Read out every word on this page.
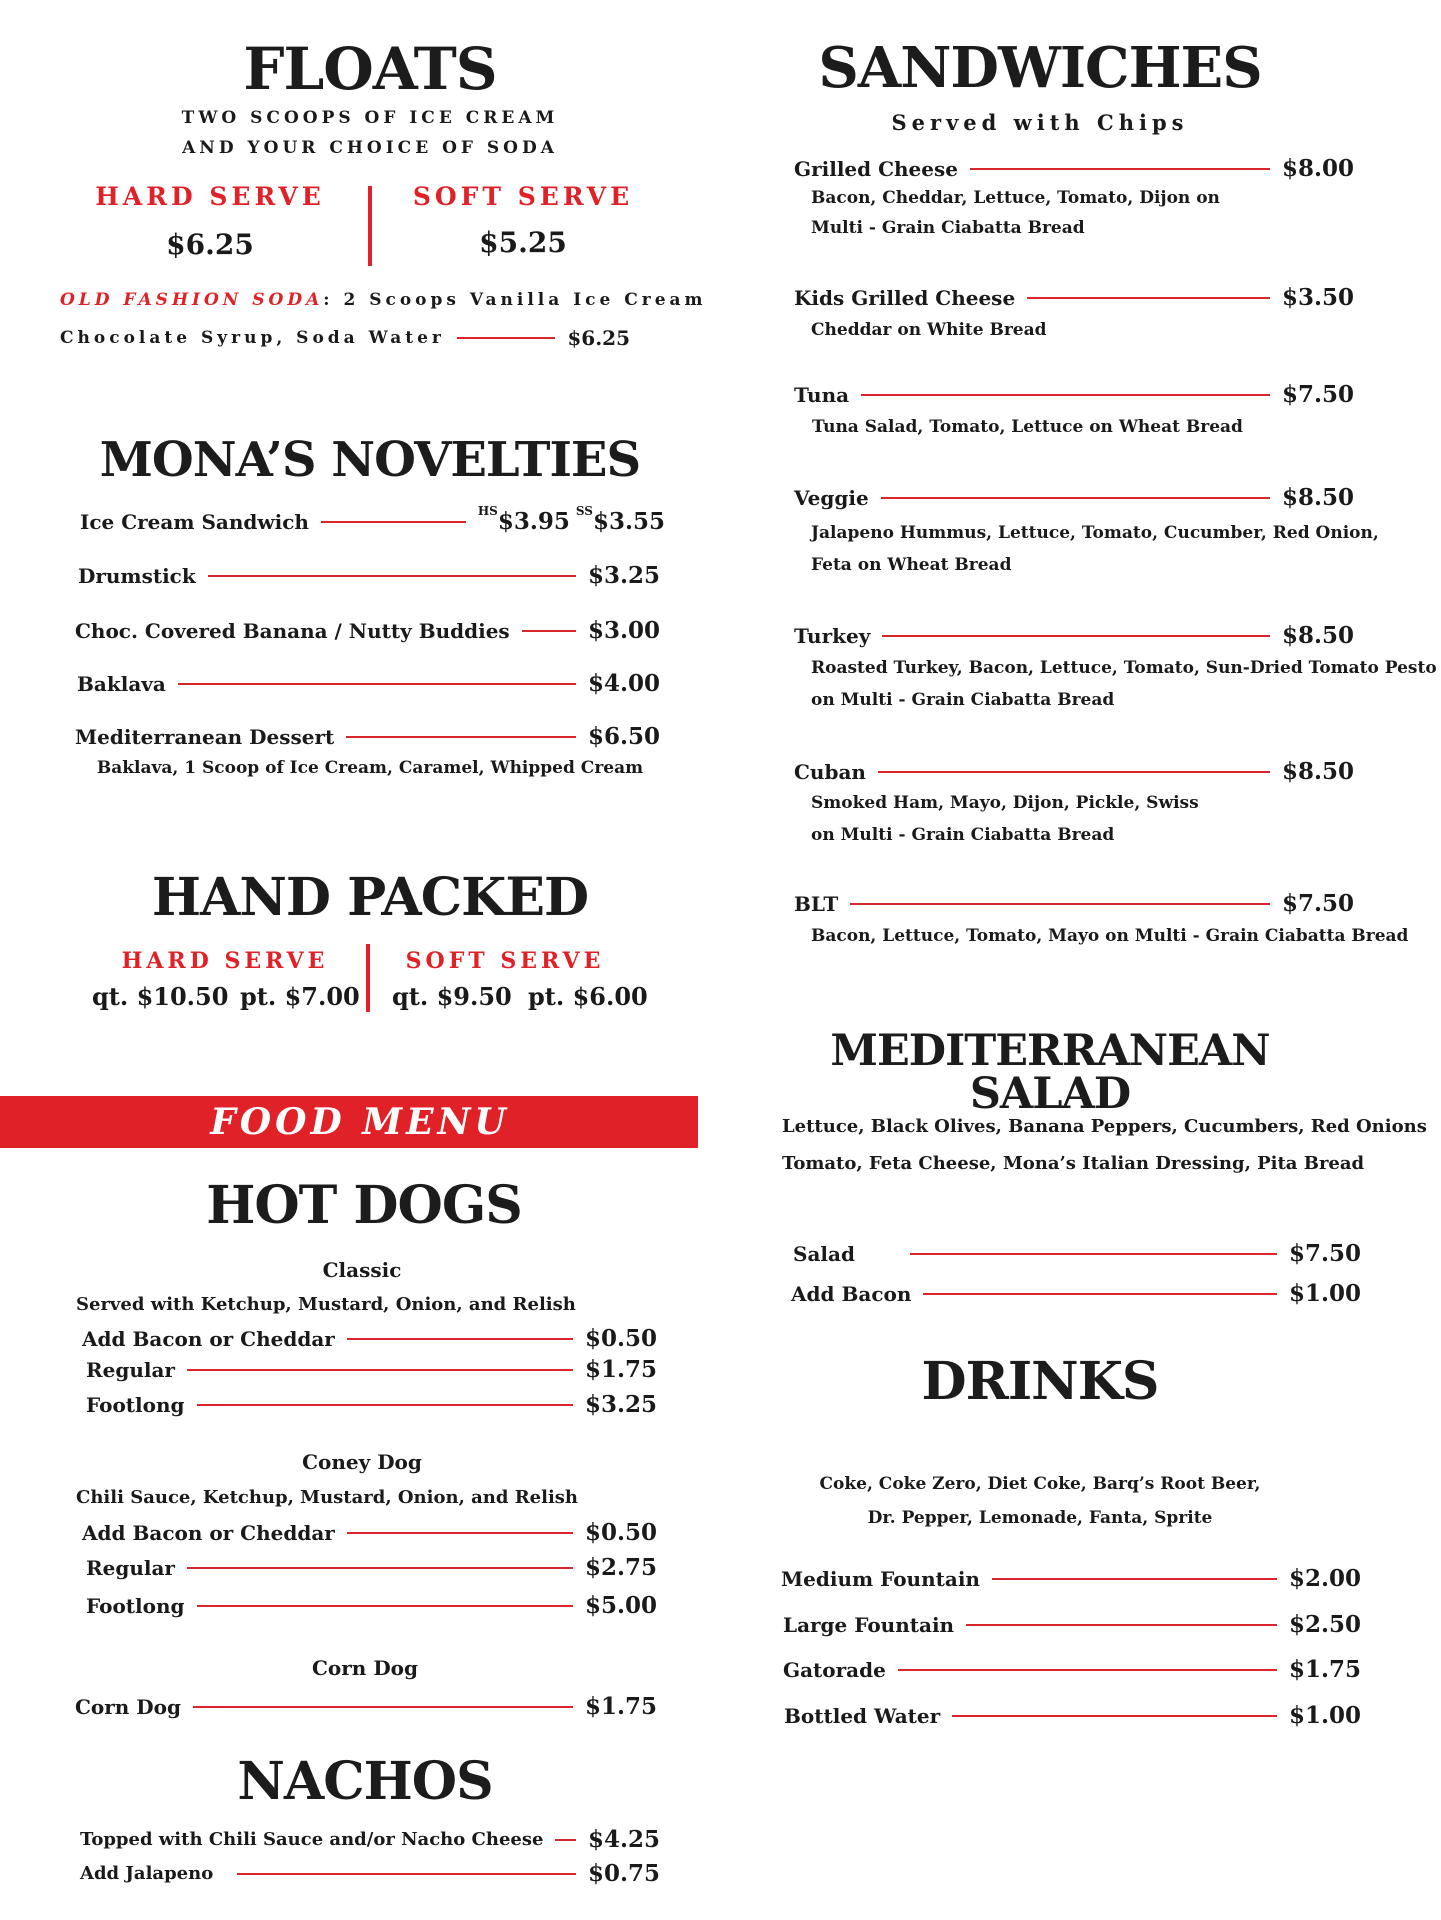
FLOATS
TWO SCOOPS OF ICE CREAM
AND YOUR CHOICE OF SODA
HARD SERVE
$6.25
SOFT SERVE
$5.25
OLD FASHION SODA: 2 Scoops Vanilla Ice Cream
Chocolate Syrup, Soda Water	$6.25
MONA’S NOVELTIES
Ice Cream Sandwich	$^{HS}$\$3.95 $^{SS}$\$3.55
Drumstick	$3.25
Choc. Covered Banana / Nutty Buddies	$3.00
Baklava	$4.00
Mediterranean Dessert	$6.50
Baklava, 1 Scoop of Ice Cream, Caramel, Whipped Cream
HAND PACKED
HARD SERVE	SOFT SERVE
qt. $10.50 pt. $7.00 qt. $9.50 pt. $6.00
FOOD MENU
HOT DOGS
Classic
Served with Ketchup, Mustard, Onion, and Relish
Add Bacon or Cheddar	$0.50
Regular	$1.75
Footlong	$3.25
Coney Dog
Chili Sauce, Ketchup, Mustard, Onion, and Relish
Add Bacon or Cheddar	$0.50
Regular	$2.75
Footlong	$5.00
Corn Dog
Corn Dog	$1.75
NACHOS
Topped with Chili Sauce and/or Nacho Cheese $4.25
Add Jalapeno	$0.75
SANDWICHES
Served with Chips
Grilled Cheese	$8.00
Bacon, Cheddar, Lettuce, Tomato, Dijon on
Multi - Grain Ciabatta Bread
Kids Grilled Cheese	$3.50
Cheddar on White Bread
Tuna	$7.50
Tuna Salad, Tomato, Lettuce on Wheat Bread
Veggie	$8.50
Jalapeno Hummus, Lettuce, Tomato, Cucumber, Red Onion,
Feta on Wheat Bread
Turkey	$8.50
Roasted Turkey, Bacon, Lettuce, Tomato, Sun-Dried Tomato Pesto
on Multi - Grain Ciabatta Bread
Cuban	$8.50
Smoked Ham, Mayo, Dijon, Pickle, Swiss
on Multi - Grain Ciabatta Bread
BLT	$7.50
Bacon, Lettuce, Tomato, Mayo on Multi - Grain Ciabatta Bread
MEDITERRANEAN SALAD
Lettuce, Black Olives, Banana Peppers, Cucumbers, Red Onions
Tomato, Feta Cheese, Mona’s Italian Dressing, Pita Bread
Salad	$7.50
Add Bacon	$1.00
DRINKS
Coke, Coke Zero, Diet Coke, Barq’s Root Beer,
Dr. Pepper, Lemonade, Fanta, Sprite
Medium Fountain	$2.00
Large Fountain	$2.50
Gatorade	$1.75
Bottled Water	$1.00
